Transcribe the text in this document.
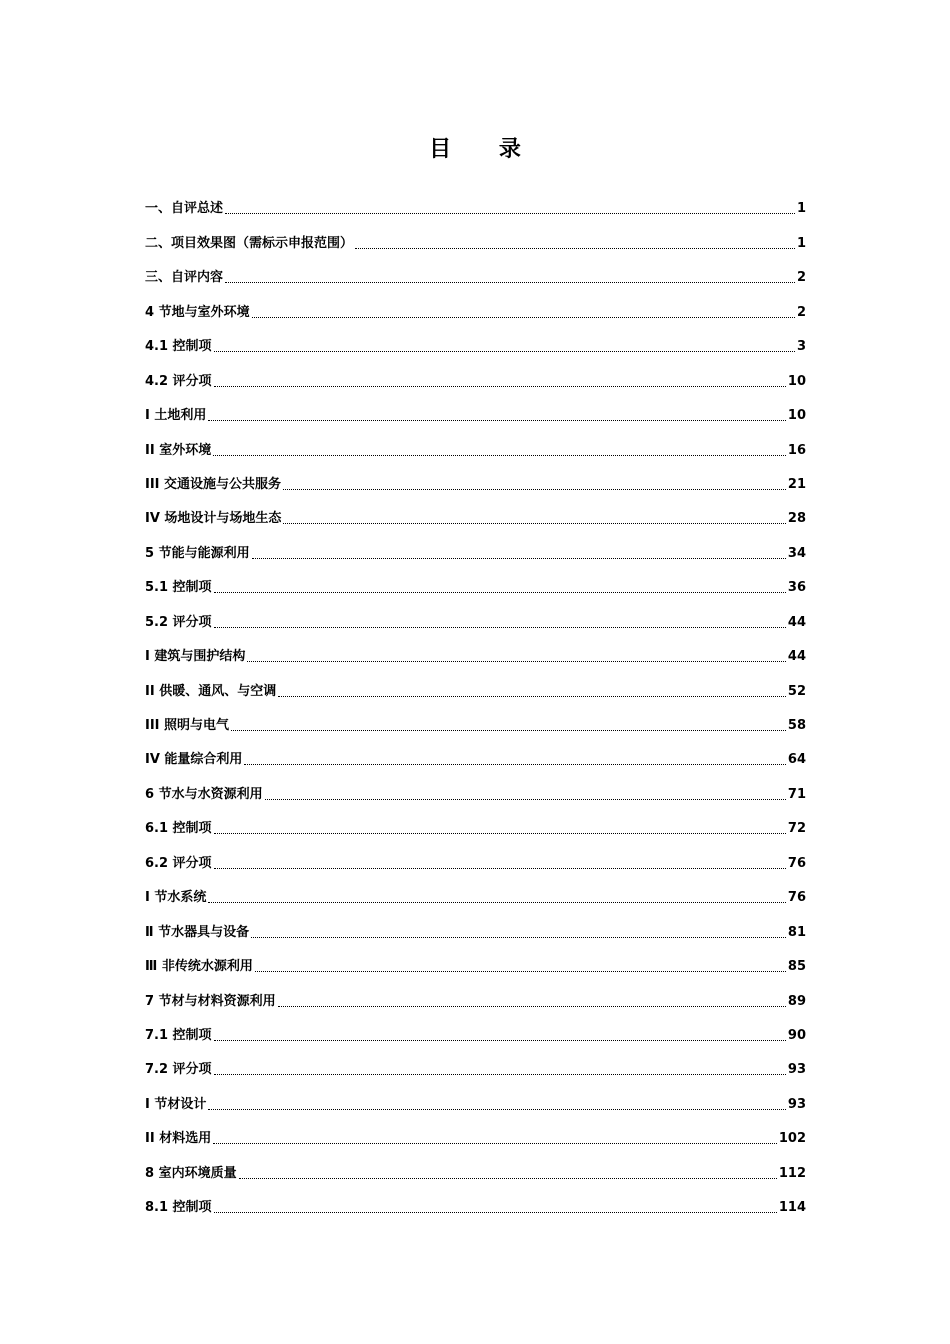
目 录
一、自评总述	1
二、项目效果图（需标示申报范围）	1
三、自评内容	2
4 节地与室外环境	2
4.1 控制项	3
4.2 评分项	10
I 土地利用	10
II 室外环境	16
III 交通设施与公共服务	21
IV 场地设计与场地生态	28
5 节能与能源利用	34
5.1 控制项	36
5.2 评分项	44
I 建筑与围护结构	44
II 供暖、通风、与空调	52
III 照明与电气	58
IV 能量综合利用	64
6 节水与水资源利用	71
6.1 控制项	72
6.2 评分项	76
Ⅰ 节水系统	76
Ⅱ 节水器具与设备	81
Ⅲ 非传统水源利用	85
7 节材与材料资源利用	89
7.1 控制项	90
7.2 评分项	93
I 节材设计	93
II 材料选用	102
8 室内环境质量	112
8.1 控制项	114
